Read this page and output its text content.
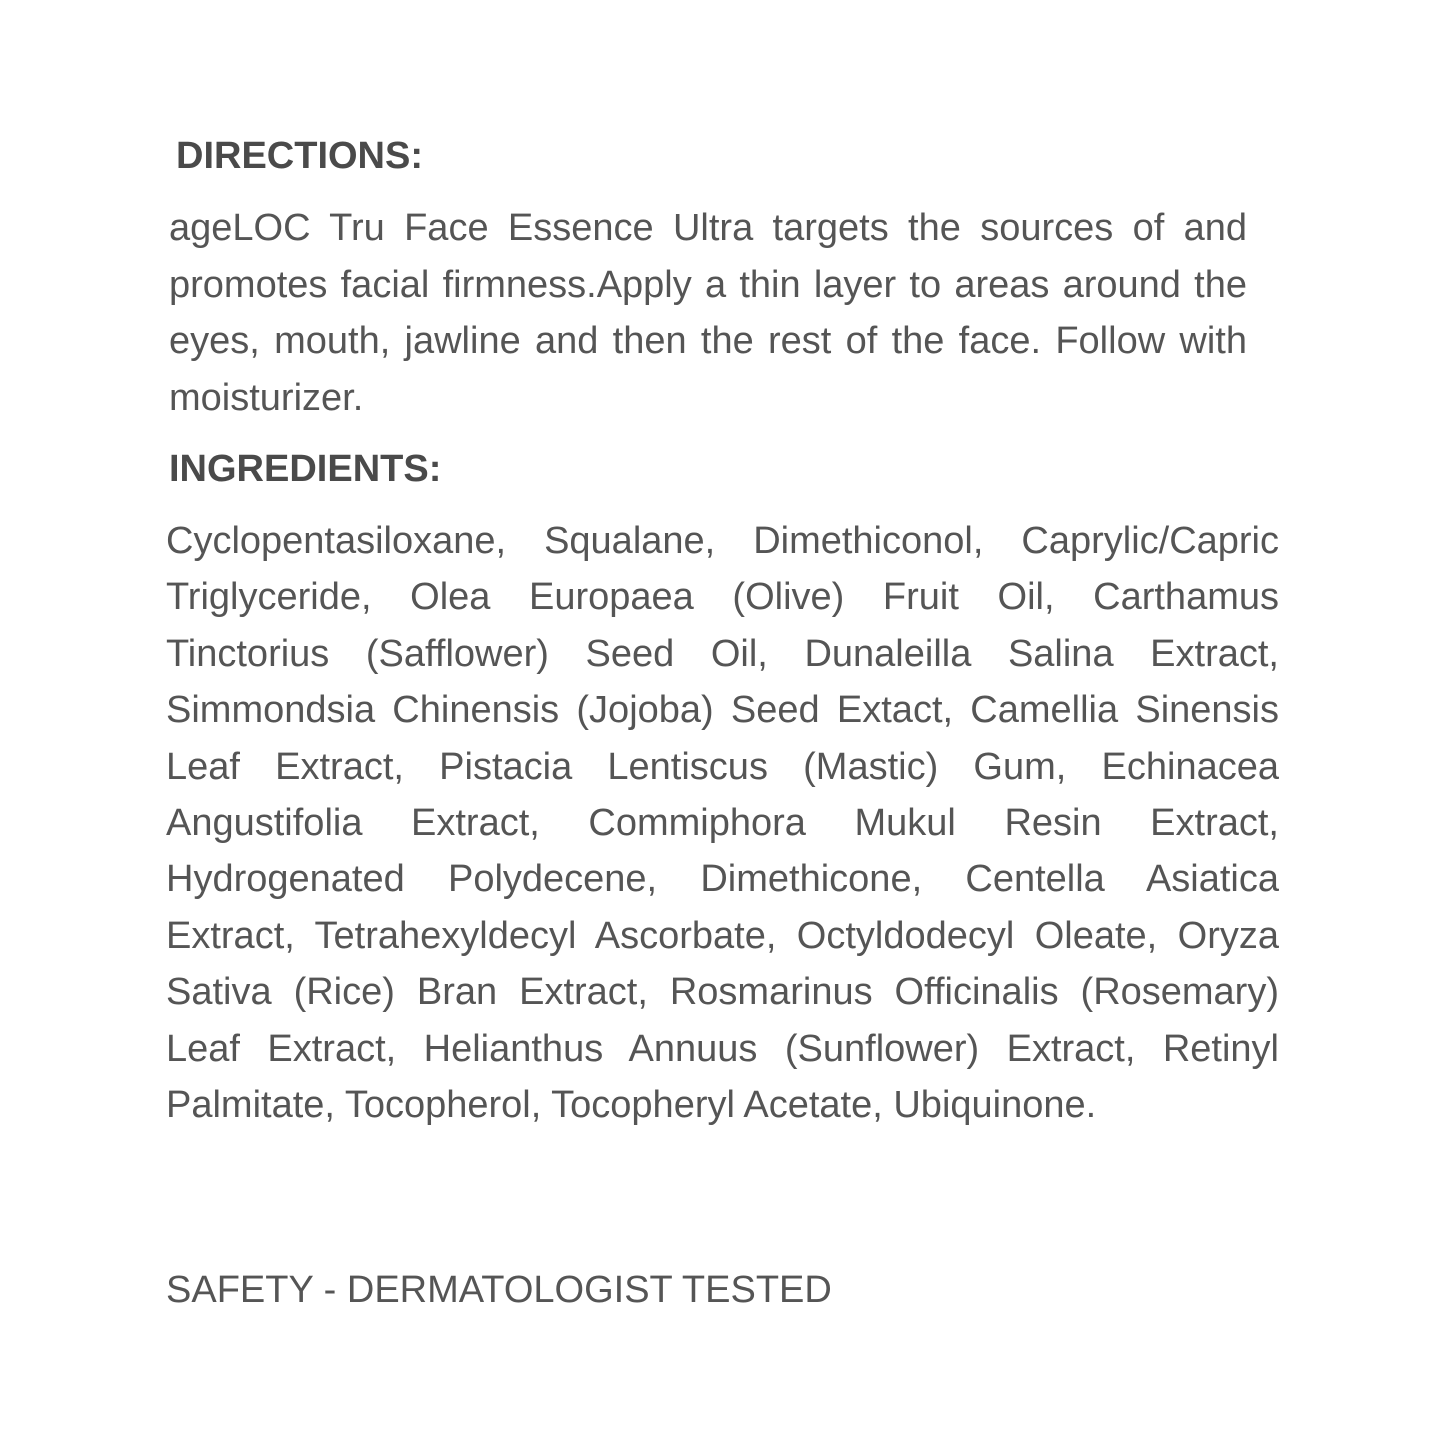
DIRECTIONS:

ageLOC Tru Face Essence Ultra targets the sources of and promotes facial firmness.Apply a thin layer to areas around the eyes, mouth, jawline and then the rest of the face. Follow with moisturizer.

INGREDIENTS:

Cyclopentasiloxane, Squalane, Dimethiconol, Caprylic/Capric Triglyceride, Olea Europaea (Olive) Fruit Oil, Carthamus Tinctorius (Safflower) Seed Oil, Dunaleilla Salina Extract, Simmondsia Chinensis (Jojoba) Seed Extact, Camellia Sinensis Leaf Extract, Pistacia Lentiscus (Mastic) Gum, Echinacea Angustifolia Extract, Commiphora Mukul Resin Extract, Hydrogenated Polydecene, Dimethicone, Centella Asiatica Extract, Tetrahexyldecyl Ascorbate, Octyldodecyl Oleate, Oryza Sativa (Rice) Bran Extract, Rosmarinus Officinalis (Rosemary) Leaf Extract, Helianthus Annuus (Sunflower) Extract, Retinyl Palmitate, Tocopherol, Tocopheryl Acetate, Ubiquinone.

SAFETY - DERMATOLOGIST TESTED
